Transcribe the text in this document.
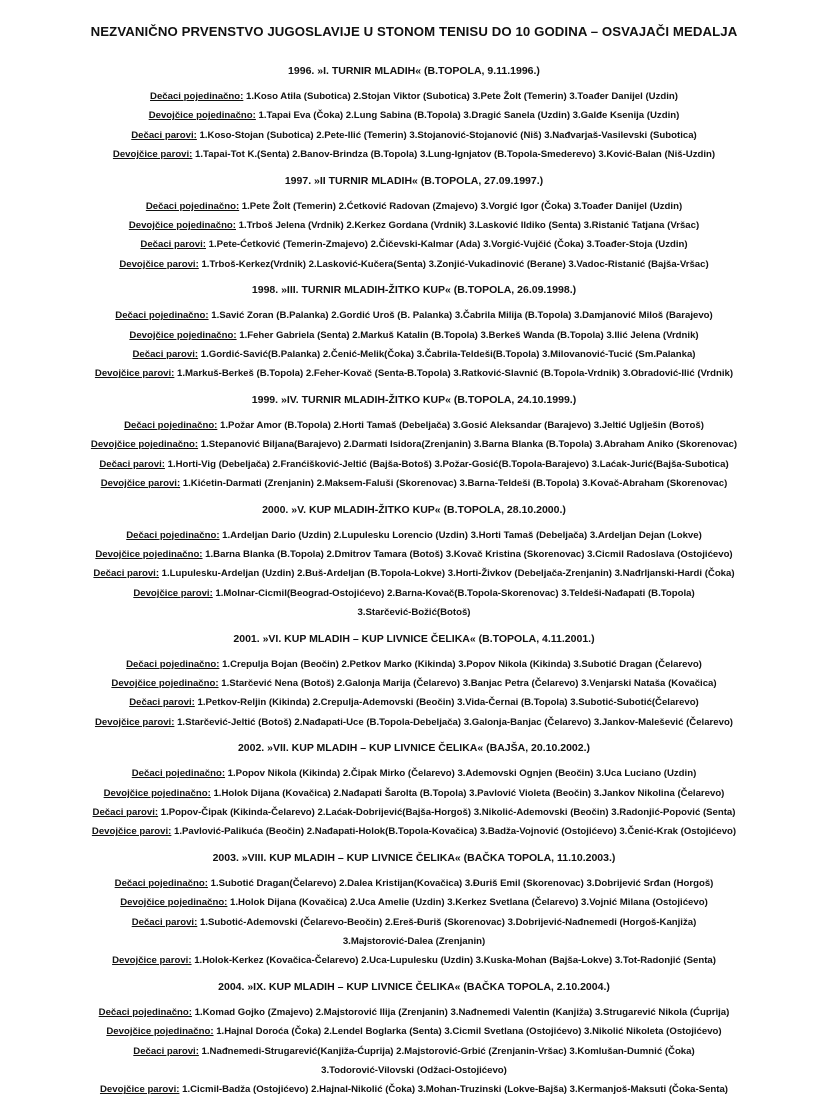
NEZVANIČNO PRVENSTVO JUGOSLAVIJE U STONOM TENISU DO 10 GODINA – OSVAJAČI MEDALJA
1996. »I. TURNIR MLADIH« (B.TOPOLA, 9.11.1996.)
Dečaci pojedinačno: 1.Koso Atila (Subotica) 2.Stojan Viktor (Subotica) 3.Pete Žolt (Temerin) 3.Toađer Danijel (Uzdin)
Devojčice pojedinačno: 1.Tapai Eva (Čoka) 2.Lung Sabina (B.Topola) 3.Dragić Sanela (Uzdin) 3.Galđe Ksenija (Uzdin)
Dečaci parovi: 1.Koso-Stojan (Subotica) 2.Pete-Ilić (Temerin) 3.Stojanović-Stojanović (Niš) 3.Nađvarjaš-Vasilevski (Subotica)
Devojčice parovi: 1.Tapai-Tot K.(Senta) 2.Banov-Brindza (B.Topola) 3.Lung-Ignjatov (B.Topola-Smederevo) 3.Ković-Balan (Niš-Uzdin)
1997. »II TURNIR MLADIH« (B.TOPOLA, 27.09.1997.)
Dečaci pojedinačno: 1.Pete Žolt (Temerin) 2.Ćetković Radovan (Zmajevo) 3.Vorgić Igor (Čoka) 3.Toađer Danijel (Uzdin)
Devojčice pojedinačno: 1.Trboš Jelena (Vrdnik) 2.Kerkez Gordana (Vrdnik) 3.Lasković Ildiko (Senta) 3.Ristanić Tatjana (Vršac)
Dečaci parovi: 1.Pete-Ćetković (Temerin-Zmajevo) 2.Čičevski-Kalmar (Ada) 3.Vorgić-Vujčić (Čoka) 3.Toađer-Stoja (Uzdin)
Devojčice parovi: 1.Trboš-Kerkez(Vrdnik) 2.Lasković-Kučera(Senta) 3.Zonjić-Vukadinović (Beranе) 3.Vadoc-Ristanić (Bajša-Vršac)
1998. »III. TURNIR MLADIH-ŽITKO KUP« (B.TOPOLA, 26.09.1998.)
Dečaci pojedinačno: 1.Savić Zoran (B.Palanka) 2.Gordić Uroš (B. Palanka) 3.Čabrila Milija (B.Topola) 3.Damjanović Miloš (Barajevo)
Devojčice pojedinačno: 1.Feher Gabriela (Senta) 2.Markuš Katalin (B.Topola) 3.Berkeš Wanda (B.Topola) 3.Ilić Jelena (Vrdnik)
Dečaci parovi: 1.Gordić-Savić(B.Palanka) 2.Čenić-Melik(Čoka) 3.Čabrila-Teldeši(B.Topola) 3.Milovanović-Tucić (Sm.Palanka)
Devojčice parovi: 1.Markuš-Berkeš (B.Topola) 2.Feher-Kovač (Senta-B.Topola) 3.Ratković-Slavnić (B.Topola-Vrdnik) 3.Obradović-Ilić (Vrdnik)
1999. »IV. TURNIR MLADIH-ŽITKO KUP« (B.TOPOLA, 24.10.1999.)
Dečaci pojedinačno: 1.Požar Amor (B.Topola) 2.Horti Tamaš (Debeljača) 3.Gosić Aleksandar (Barajevo) 3.Jeltić Uglješin (Boтоš)
Devojčice pojedinačno: 1.Stepanović Biljana(Barajevo) 2.Darmati Isidora(Zrenjanin) 3.Barna Blanka (B.Topola) 3.Abraham Aniko (Skorenovac)
Dečaci parovi: 1.Horti-Vig (Debeljača) 2.Franćišković-Jeltić (Bajša-Botoš) 3.Požar-Gosić(B.Topola-Barajevo) 3.Laćak-Jurić(Bajša-Subotica)
Devojčice parovi: 1.Kićetin-Darmati (Zrenjanin) 2.Maksem-Faluši (Skorenovac) 3.Barna-Teldeši (B.Topola) 3.Kovač-Abraham (Skorenovac)
2000. »V. KUP MLADIH-ŽITKO KUP« (B.TOPOLA, 28.10.2000.)
Dečaci pojedinačno: 1.Ardeljan Dario (Uzdin) 2.Lupulesku Lorencio (Uzdin) 3.Horti Tamaš (Debeljača) 3.Ardeljan Dejan (Lokve)
Devojčice pojedinačno: 1.Barna Blanka (B.Topola) 2.Dmitrov Tamara (Botoš) 3.Kovač Kristina (Skorenovac) 3.Cicmil Radoslava (Ostojićevo)
Dečaci parovi: 1.Lupulesku-Ardeljan (Uzdin) 2.Buš-Ardeljan (B.Topola-Lokve) 3.Horti-Živkov (Debeljača-Zrenjanin) 3.Nađrljanski-Hardi (Čoka)
Devojčice parovi: 1.Molnar-Cicmil(Beograd-Ostojićevo) 2.Barna-Kovač(B.Topola-Skorenovac) 3.Teldeši-Nađapati (B.Topola)
3.Starčević-Božić(Botoš)
2001. »VI. KUP MLADIH – KUP LIVNICE ČELIKA« (B.TOPOLA, 4.11.2001.)
Dečaci pojedinačno: 1.Crepulja Bojan (Beočin) 2.Petkov Marko (Kikinda) 3.Popov Nikola (Kikinda) 3.Subotić Dragan (Čelarevo)
Devojčice pojedinačno: 1.Starčević Nena (Botoš) 2.Galonja Marija (Čelarevo) 3.Banjac Petra (Čelarevo) 3.Venjarski Nataša (Kovačica)
Dečaci parovi: 1.Petkov-Reljin (Kikinda) 2.Crepulja-Ademovski (Beočin) 3.Vida-Černai (B.Topola) 3.Subotić-Subotić(Čelarevo)
Devojčice parovi: 1.Starčević-Jeltić (Botoš) 2.Nađapati-Uce (B.Topola-Debeljača) 3.Galonja-Banjac (Čelarevo) 3.Jankov-Malešević (Čelarevo)
2002. »VII. KUP MLADIH – KUP LIVNICE ČELIKA« (BAJŠA, 20.10.2002.)
Dečaci pojedinačno: 1.Popov Nikola (Kikinda) 2.Čipak Mirko (Čelarevo) 3.Ademovski Ognjen (Beočin) 3.Uca Luciano (Uzdin)
Devojčice pojedinačno: 1.Holok Dijana (Kovačica) 2.Nađapati Šarolta (B.Topola) 3.Pavlović Violeta (Beočin) 3.Jankov Nikolina (Čelarevo)
Dečaci parovi: 1.Popov-Čipak (Kikinda-Čelarevo) 2.Laćak-Dobrijević(Bajša-Horgoš) 3.Nikolić-Ademovski (Beočin) 3.Radonjić-Popović (Senta)
Devojčice parovi: 1.Pavlović-Palikuća (Beočin) 2.Nađapati-Holok(B.Topola-Kovačica) 3.Badža-Vojnović (Ostojićevo) 3.Čenić-Krak (Ostojićevo)
2003. »VIII. KUP MLADIH – KUP LIVNICE ČELIKA« (BAČKA TOPOLA, 11.10.2003.)
Dečaci pojedinačno: 1.Subotić Dragan(Čelarevo) 2.Dalea Kristijan(Kovačica) 3.Đuriš Emil (Skorenovac) 3.Dobrijević Srđan (Horgoš)
Devojčice pojedinačno: 1.Holok Dijana (Kovačica) 2.Uca Amelie (Uzdin) 3.Kerkez Svetlana (Čelarevo) 3.Vojnić Milana (Ostojićevo)
Dečaci parovi: 1.Subotić-Ademovski (Čelarevo-Beočin) 2.Ereš-Đuriš (Skorenovac) 3.Dobrijević-Nađnemedi (Horgoš-Kanjiža)
3.Majstorović-Dalea (Zrenjanin)
Devojčice parovi: 1.Holok-Kerkez (Kovačica-Čelarevo) 2.Uca-Lupulesku (Uzdin) 3.Kuska-Mohan (Bajša-Lokve) 3.Tot-Radonjić (Senta)
2004. »IX. KUP MLADIH – KUP LIVNICE ČELIKA« (BAČKA TOPOLA, 2.10.2004.)
Dečaci pojedinačno: 1.Komad Gojko (Zmajevo) 2.Majstorović Ilija (Zrenjanin) 3.Nađnemedi Valentin (Kanjiža) 3.Strugarević Nikola (Ćuprija)
Devojčice pojedinačno: 1.Hajnal Doroća (Čoka) 2.Lendel Boglarka (Senta) 3.Cicmil Svetlana (Ostojićevo) 3.Nikolić Nikoleta (Ostojićevo)
Dečaci parovi: 1.Nađnemedi-Strugarević(Kanjiža-Ćuprija) 2.Majstorović-Grbić (Zrenjanin-Vršac) 3.Komlušan-Dumnić (Čoka)
3.Todorović-Vilovski (Odžaci-Ostojićevo)
Devojčice parovi: 1.Cicmil-Badža (Ostojićevo) 2.Hajnal-Nikolić (Čoka) 3.Mohan-Truzinski (Lokve-Bajša) 3.Kermanjoš-Maksuti (Čoka-Senta)
